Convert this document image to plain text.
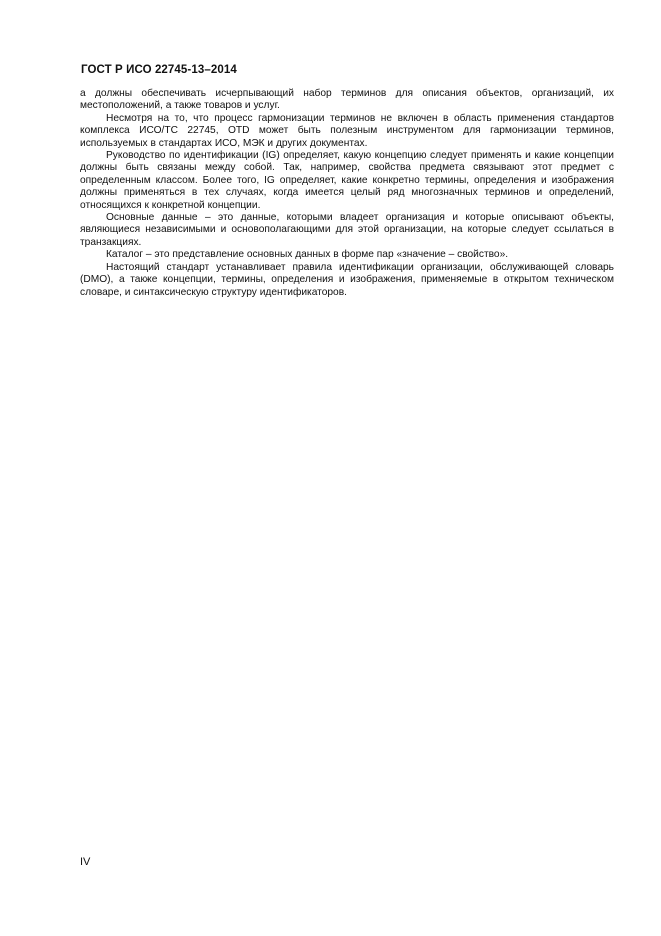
ГОСТ Р ИСО 22745-13–2014

а должны обеспечивать исчерпывающий набор терминов для описания объектов, организаций, их местоположений, а также товаров и услуг.

Несмотря на то, что процесс гармонизации терминов не включен в область применения стандартов комплекса ИСО/ТС 22745, OTD может быть полезным инструментом для гармонизации терминов, используемых в стандартах ИСО, МЭК и других документах.

Руководство по идентификации (IG) определяет, какую концепцию следует применять и какие концепции должны быть связаны между собой. Так, например, свойства предмета связывают этот предмет с определенным классом. Более того, IG определяет, какие конкретно термины, определения и изображения должны применяться в тех случаях, когда имеется целый ряд многозначных терминов и определений, относящихся к конкретной концепции.

Основные данные – это данные, которыми владеет организация и которые описывают объекты, являющиеся независимыми и основополагающими для этой организации, на которые следует ссылаться в транзакциях.

Каталог – это представление основных данных в форме пар «значение – свойство».

Настоящий стандарт устанавливает правила идентификации организации, обслуживающей словарь (DMO), а также концепции, термины, определения и изображения, применяемые в открытом техническом словаре, и синтаксическую структуру идентификаторов.

IV
